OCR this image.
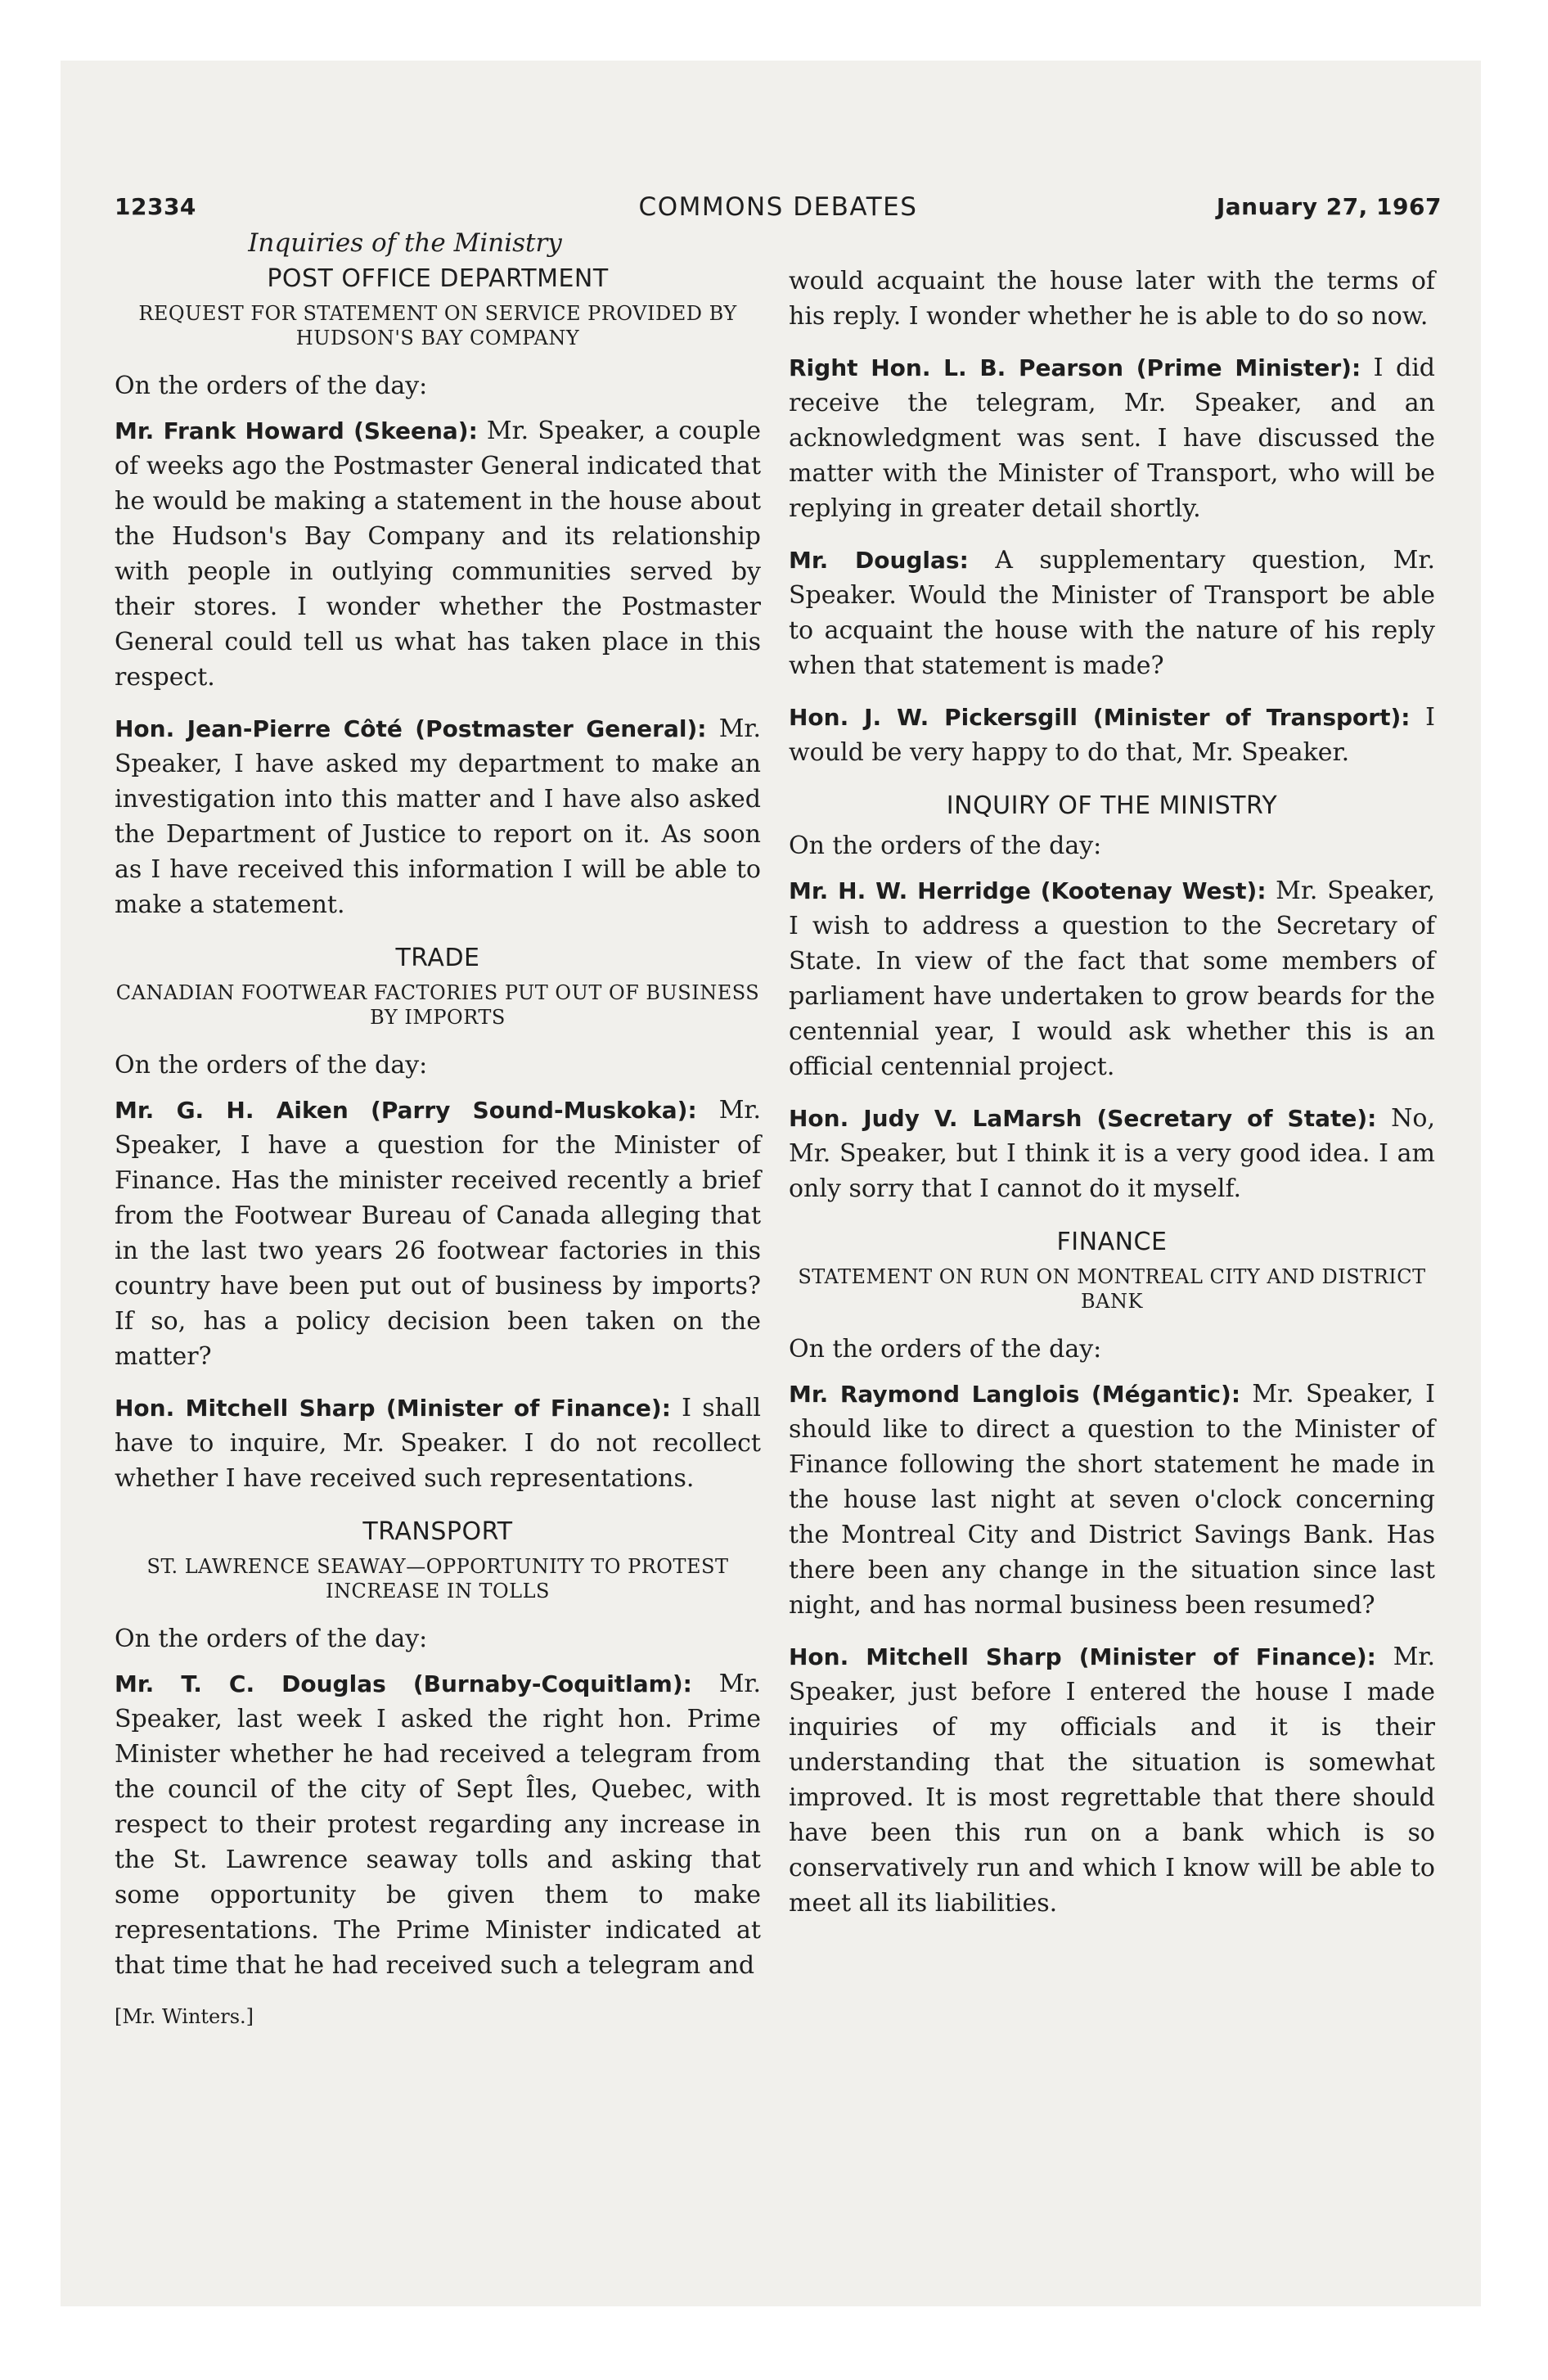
COMMONS DEBATES
12334	January 27, 1967
Inquiries of the Ministry
POST OFFICE DEPARTMENT
REQUEST FOR STATEMENT ON SERVICE PROVIDED BY HUDSON'S BAY COMPANY

On the orders of the day:

Mr. Frank Howard (Skeena): Mr. Speaker, a couple of weeks ago the Postmaster General indicated that he would be making a statement in the house about the Hudson's Bay Company and its relationship with people in outlying communities served by their stores. I wonder whether the Postmaster General could tell us what has taken place in this respect.

Hon. Jean-Pierre Côté (Postmaster General): Mr. Speaker, I have asked my department to make an investigation into this matter and I have also asked the Department of Justice to report on it. As soon as I have received this information I will be able to make a statement.

TRADE
CANADIAN FOOTWEAR FACTORIES PUT OUT OF BUSINESS BY IMPORTS

On the orders of the day:

Mr. G. H. Aiken (Parry Sound-Muskoka): Mr. Speaker, I have a question for the Minister of Finance. Has the minister received recently a brief from the Footwear Bureau of Canada alleging that in the last two years 26 footwear factories in this country have been put out of business by imports? If so, has a policy decision been taken on the matter?

Hon. Mitchell Sharp (Minister of Finance): I shall have to inquire, Mr. Speaker. I do not recollect whether I have received such representations.

TRANSPORT
ST. LAWRENCE SEAWAY—OPPORTUNITY TO PROTEST INCREASE IN TOLLS

On the orders of the day:

Mr. T. C. Douglas (Burnaby-Coquitlam): Mr. Speaker, last week I asked the right hon. Prime Minister whether he had received a telegram from the council of the city of Sept Îles, Quebec, with respect to their protest regarding any increase in the St. Lawrence seaway tolls and asking that some opportunity be given them to make representations. The Prime Minister indicated at that time that he had received such a telegram and

[Mr. Winters.]

would acquaint the house later with the terms of his reply. I wonder whether he is able to do so now.

Right Hon. L. B. Pearson (Prime Minister): I did receive the telegram, Mr. Speaker, and an acknowledgment was sent. I have discussed the matter with the Minister of Transport, who will be replying in greater detail shortly.

Mr. Douglas: A supplementary question, Mr. Speaker. Would the Minister of Transport be able to acquaint the house with the nature of his reply when that statement is made?

Hon. J. W. Pickersgill (Minister of Transport): I would be very happy to do that, Mr. Speaker.

INQUIRY OF THE MINISTRY

On the orders of the day:

Mr. H. W. Herridge (Kootenay West): Mr. Speaker, I wish to address a question to the Secretary of State. In view of the fact that some members of parliament have undertaken to grow beards for the centennial year, I would ask whether this is an official centennial project.

Hon. Judy V. LaMarsh (Secretary of State): No, Mr. Speaker, but I think it is a very good idea. I am only sorry that I cannot do it myself.

FINANCE
STATEMENT ON RUN ON MONTREAL CITY AND DISTRICT BANK

On the orders of the day:

Mr. Raymond Langlois (Mégantic): Mr. Speaker, I should like to direct a question to the Minister of Finance following the short statement he made in the house last night at seven o'clock concerning the Montreal City and District Savings Bank. Has there been any change in the situation since last night, and has normal business been resumed?

Hon. Mitchell Sharp (Minister of Finance): Mr. Speaker, just before I entered the house I made inquiries of my officials and it is their understanding that the situation is somewhat improved. It is most regrettable that there should have been this run on a bank which is so conservatively run and which I know will be able to meet all its liabilities.
